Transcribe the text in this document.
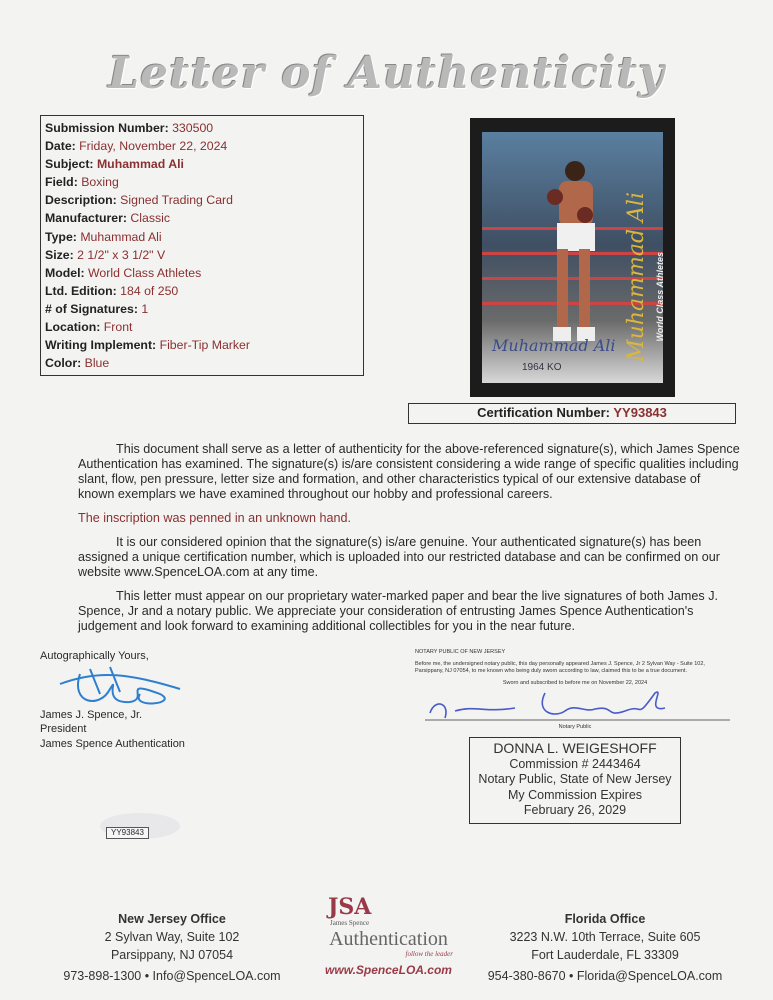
Letter of Authenticity
Submission Number: 330500
Date: Friday, November 22, 2024
Subject: Muhammad Ali
Field: Boxing
Description: Signed Trading Card
Manufacturer: Classic
Type: Muhammad Ali
Size: 2 1/2" x 3 1/2" V
Model: World Class Athletes
Ltd. Edition: 184 of 250
# of Signatures: 1
Location: Front
Writing Implement: Fiber-Tip Marker
Color: Blue
Muhammad Ali World Class Athletes
Muhammad Ali
1964 KO
Certification Number: YY93843
This document shall serve as a letter of authenticity for the above-referenced signature(s), which James Spence Authentication has examined. The signature(s) is/are consistent considering a wide range of specific qualities including slant, flow, pen pressure, letter size and formation, and other characteristics typical of our extensive database of known exemplars we have examined throughout our hobby and professional careers.
The inscription was penned in an unknown hand.
It is our considered opinion that the signature(s) is/are genuine. Your authenticated signature(s) has been assigned a unique certification number, which is uploaded into our restricted database and can be confirmed on our website www.SpenceLOA.com at any time.
This letter must appear on our proprietary water-marked paper and bear the live signatures of both James J. Spence, Jr and a notary public. We appreciate your consideration of entrusting James Spence Authentication's judgement and look forward to examining additional collectibles for you in the near future.
Autographically Yours,
James J. Spence, Jr.
President
James Spence Authentication
YY93843
NOTARY PUBLIC OF NEW JERSEY
Before me, the undersigned notary public, this day personally appeared James J. Spence, Jr 2 Sylvan Way - Suite 102, Parsippany, NJ 07054, to me known who being duly sworn according to law, claimed this to be a true document.
Sworn and subscribed to before me on November 22, 2024
Notary Public
DONNA L. WEIGESHOFF
Commission # 2443464
Notary Public, State of New Jersey
My Commission Expires
February 26, 2029
New Jersey Office
2 Sylvan Way, Suite 102
Parsippany, NJ 07054
973-898-1300 • Info@SpenceLOA.com
JSA
James Spence
Authentication
follow the leader
www.SpenceLOA.com
Florida Office
3223 N.W. 10th Terrace, Suite 605
Fort Lauderdale, FL 33309
954-380-8670 • Florida@SpenceLOA.com
